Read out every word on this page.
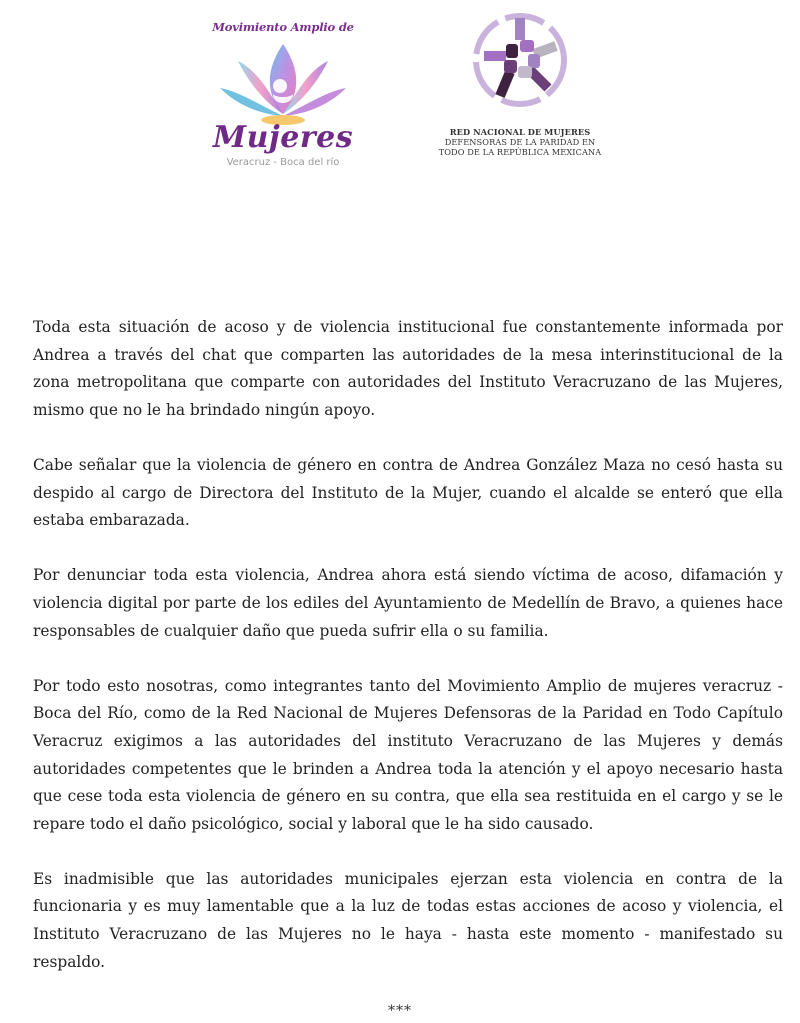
Movimiento Amplio de
Mujeres
Veracruz - Boca del río
RED NACIONAL DE MUJERES
DEFENSORAS DE LA PARIDAD EN
TODO DE LA REPÚBLICA MEXICANA

Toda esta situación de acoso y de violencia institucional fue constantemente informada por Andrea a través del chat que comparten las autoridades de la mesa interinstitucional de la zona metropolitana que comparte con autoridades del Instituto Veracruzano de las Mujeres, mismo que no le ha brindado ningún apoyo.

Cabe señalar que la violencia de género en contra de Andrea González Maza no cesó hasta su despido al cargo de Directora del Instituto de la Mujer, cuando el alcalde se enteró que ella estaba embarazada.

Por denunciar toda esta violencia, Andrea ahora está siendo víctima de acoso, difamación y violencia digital por parte de los ediles del Ayuntamiento de Medellín de Bravo, a quienes hace responsables de cualquier daño que pueda sufrir ella o su familia.

Por todo esto nosotras, como integrantes tanto del Movimiento Amplio de mujeres veracruz - Boca del Río, como de la Red Nacional de Mujeres Defensoras de la Paridad en Todo Capítulo Veracruz exigimos a las autoridades del instituto Veracruzano de las Mujeres y demás autoridades competentes que le brinden a Andrea toda la atención y el apoyo necesario hasta que cese toda esta violencia de género en su contra, que ella sea restituida en el cargo y se le repare todo el daño psicológico, social y laboral que le ha sido causado.

Es inadmisible que las autoridades municipales ejerzan esta violencia en contra de la funcionaria y es muy lamentable que a la luz de todas estas acciones de acoso y violencia, el Instituto Veracruzano de las Mujeres no le haya - hasta este momento - manifestado su respaldo.

***
